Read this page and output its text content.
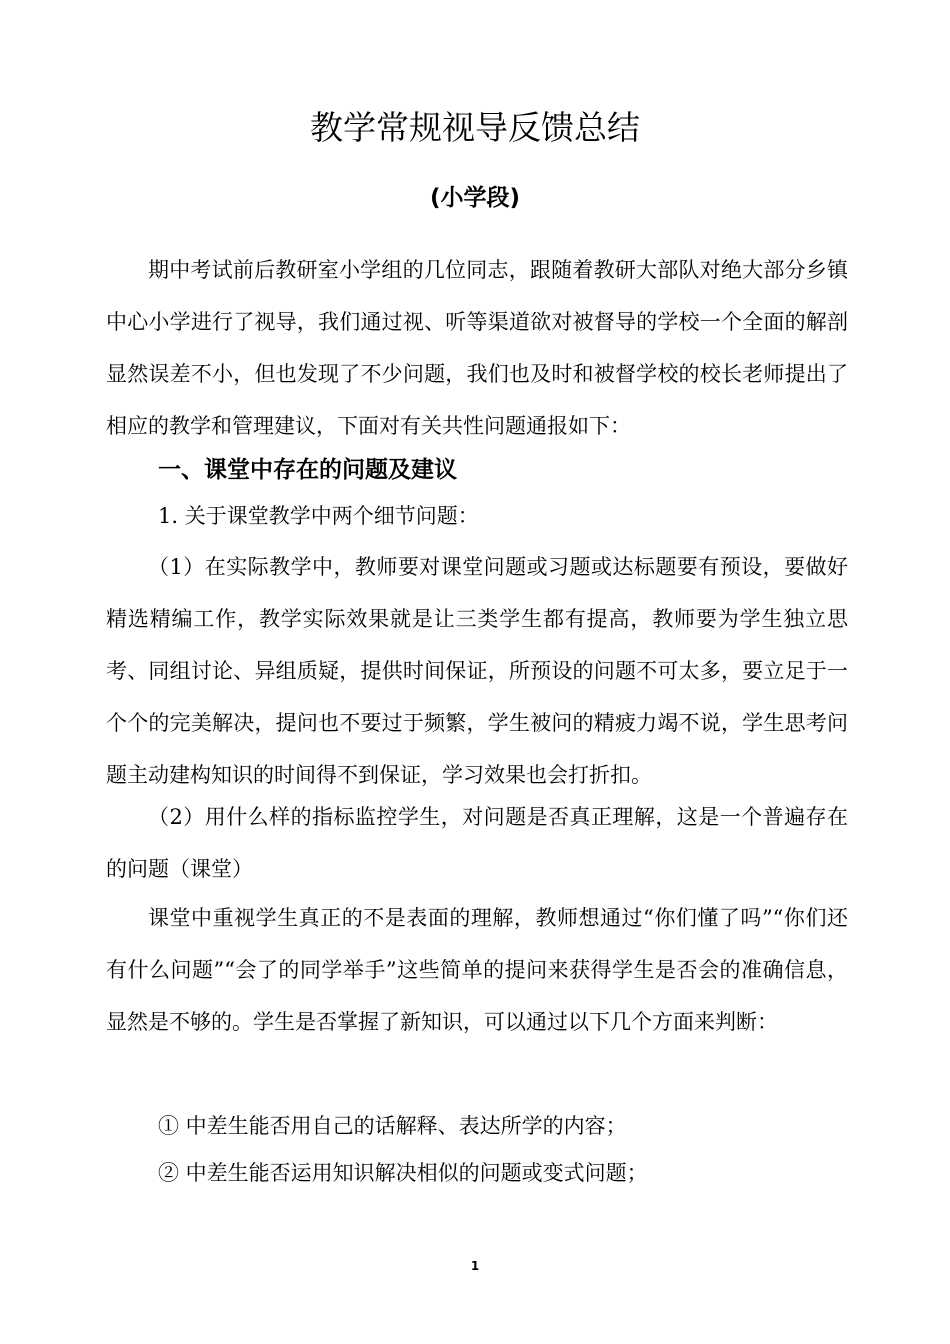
教学常规视导反馈总结
(小学段)

期中考试前后教研室小学组的几位同志，跟随着教研大部队对绝大部分乡镇中心小学进行了视导，我们通过视、听等渠道欲对被督导的学校一个全面的解剖显然误差不小，但也发现了不少问题，我们也及时和被督学校的校长老师提出了相应的教学和管理建议，下面对有关共性问题通报如下：

一、课堂中存在的问题及建议
1. 关于课堂教学中两个细节问题：

（1）在实际教学中，教师要对课堂问题或习题或达标题要有预设，要做好精选精编工作，教学实际效果就是让三类学生都有提高，教师要为学生独立思考、同组讨论、异组质疑，提供时间保证，所预设的问题不可太多，要立足于一个个的完美解决，提问也不要过于频繁，学生被问的精疲力竭不说，学生思考问题主动建构知识的时间得不到保证，学习效果也会打折扣。

（2）用什么样的指标监控学生，对问题是否真正理解，这是一个普遍存在的问题（课堂）

课堂中重视学生真正的不是表面的理解，教师想通过“你们懂了吗”“你们还有什么问题”“会了的同学举手”这些简单的提问来获得学生是否会的准确信息，显然是不够的。学生是否掌握了新知识，可以通过以下几个方面来判断：

① 中差生能否用自己的话解释、表达所学的内容；
② 中差生能否运用知识解决相似的问题或变式问题；
1
